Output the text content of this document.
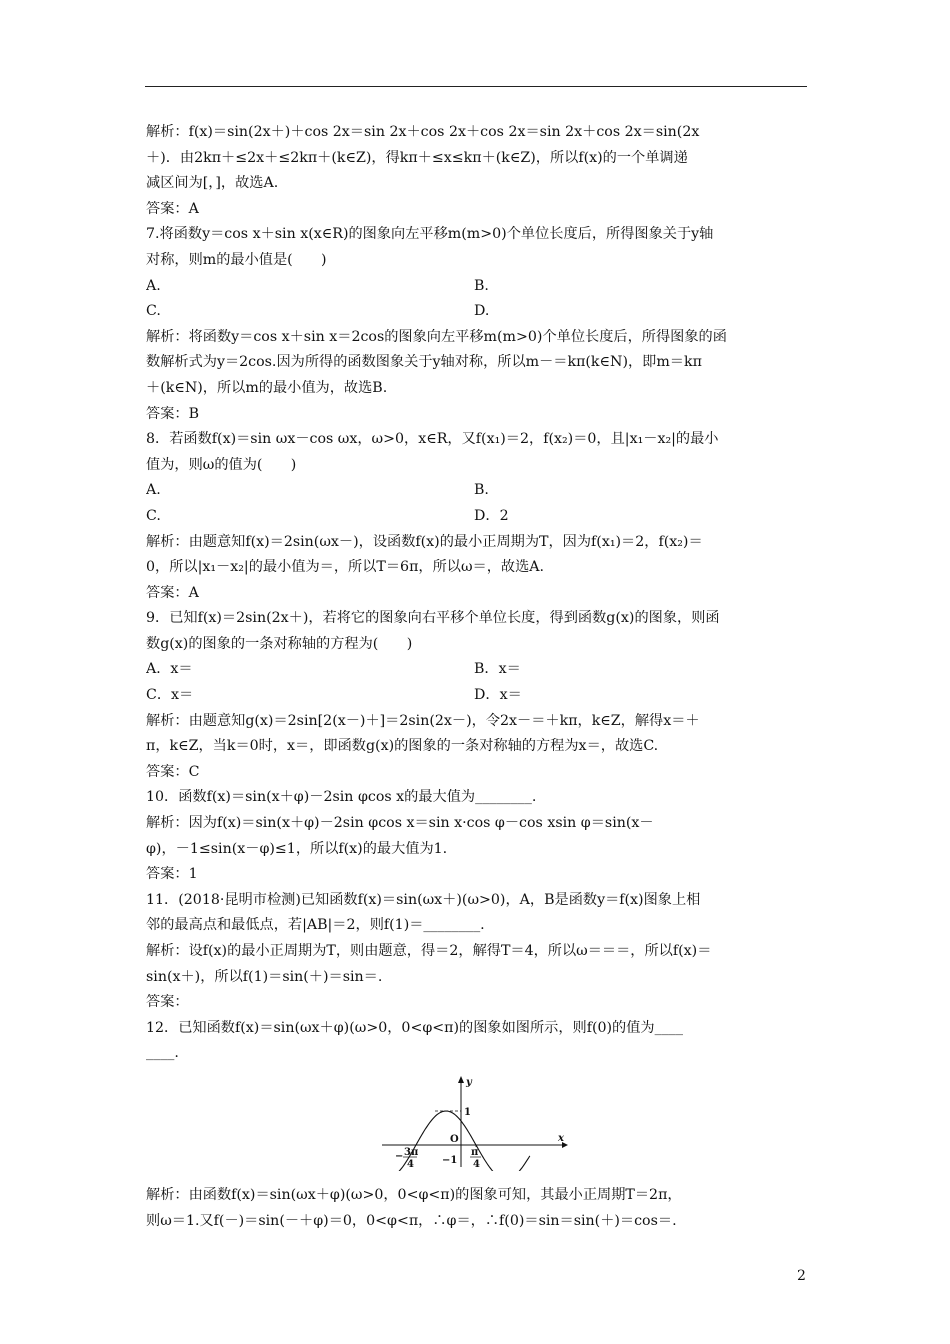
解析：f(x)＝sin(2x＋)＋cos 2x＝sin 2x＋cos 2x＋cos 2x＝sin 2x＋cos 2x＝sin(2x
＋)．由2kπ＋≤2x＋≤2kπ＋(k∈Z)，得kπ＋≤x≤kπ＋(k∈Z)，所以f(x)的一个单调递
减区间为[，]，故选A.
答案：A
7.将函数y＝cos x＋sin x(x∈R)的图象向左平移m(m>0)个单位长度后，所得图象关于y轴
对称，则m的最小值是(　　)
A.	B.
C.	D.
解析：将函数y＝cos x＋sin x＝2cos的图象向左平移m(m>0)个单位长度后，所得图象的函
数解析式为y＝2cos.因为所得的函数图象关于y轴对称，所以m－＝kπ(k∈N)，即m＝kπ
＋(k∈N)，所以m的最小值为，故选B.
答案：B
8．若函数f(x)＝sin ωx－cos ωx，ω>0，x∈R，又f(x₁)＝2，f(x₂)＝0，且|x₁－x₂|的最小
值为，则ω的值为(　　)
A.	B.
C.	D．2
解析：由题意知f(x)＝2sin(ωx－)，设函数f(x)的最小正周期为T，因为f(x₁)＝2，f(x₂)＝
0，所以|x₁－x₂|的最小值为＝，所以T＝6π，所以ω＝，故选A.
答案：A
9．已知f(x)＝2sin(2x＋)，若将它的图象向右平移个单位长度，得到函数g(x)的图象，则函
数g(x)的图象的一条对称轴的方程为(　　)
A．x＝	B．x＝
C．x＝	D．x＝
解析：由题意知g(x)＝2sin[2(x－)＋]＝2sin(2x－)，令2x－＝＋kπ，k∈Z，解得x＝＋
π，k∈Z，当k＝0时，x＝，即函数g(x)的图象的一条对称轴的方程为x＝，故选C.
答案：C
10．函数f(x)＝sin(x＋φ)－2sin φcos x的最大值为________.
解析：因为f(x)＝sin(x＋φ)－2sin φcos x＝sin x·cos φ－cos xsin φ＝sin(x－
φ)，－1≤sin(x－φ)≤1，所以f(x)的最大值为1.
答案：1
11．(2018·昆明市检测)已知函数f(x)＝sin(ωx＋)(ω>0)，A，B是函数y＝f(x)图象上相
邻的最高点和最低点，若|AB|＝2，则f(1)＝________.
解析：设f(x)的最小正周期为T，则由题意，得＝2，解得T＝4，所以ω＝＝＝，所以f(x)＝
sin(x＋)，所以f(1)＝sin(＋)＝sin＝.
答案：
12．已知函数f(x)＝sin(ωx＋φ)(ω>0，0<φ<π)的图象如图所示，则f(0)的值为____
____.
y
x
O
1
−1
− 3π
4
π
4
解析：由函数f(x)＝sin(ωx＋φ)(ω>0，0<φ<π)的图象可知，其最小正周期T＝2π，
则ω＝1.又f(－)＝sin(－＋φ)＝0，0<φ<π，∴φ＝，∴f(0)＝sin＝sin(＋)＝cos＝.
2
